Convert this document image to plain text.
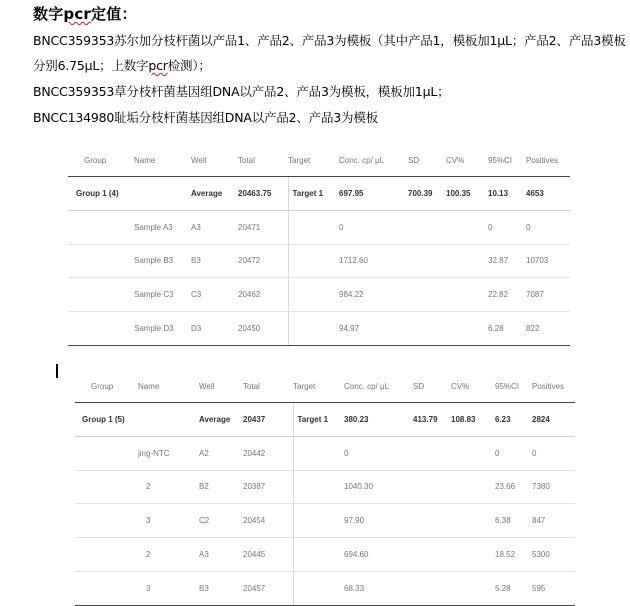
数字pcr定值：
BNCC359353苏尔加分枝杆菌以产品1、产品2、产品3为模板（其中产品1，模板加1μL；产品2、产品3模板
分别6.75μL；上数字pcr检测）；
BNCC359353草分枝杆菌基因组DNA以产品2、产品3为模板，模板加1μL；
BNCC134980耻垢分枝杆菌基因组DNA以产品2、产品3为模板
Group	Name	Well	Total	Target	Conc. cp/ μL	SD	CV%	95%CI	Positives
Group 1 (4)		Average	20463.75	Target 1	697.95	700.39	100.35	10.13	4653
	Sample A3	A3	20471		0			0	0
	Sample B3	B3	20472		1712.60			32.87	10703
	Sample C3	C3	20462		984.22			22.82	7087
	Sample D3	D3	20450		94.97			6.28	822
Group	Name	Well	Total	Target	Conc. cp/ μL	SD	CV%	95%CI	Positives
Group 1 (5)		Average	20437	Target 1	380.23	413.79	108.83	6.23	2824
	jing-NTC	A2	20442		0			0	0
	2	B2	20387		1040.30			23.66	7380
	3	C2	20454		97.90			6.38	847
	2	A3	20445		694.60			18.52	5300
	3	B3	20457		68.33			5.28	595
